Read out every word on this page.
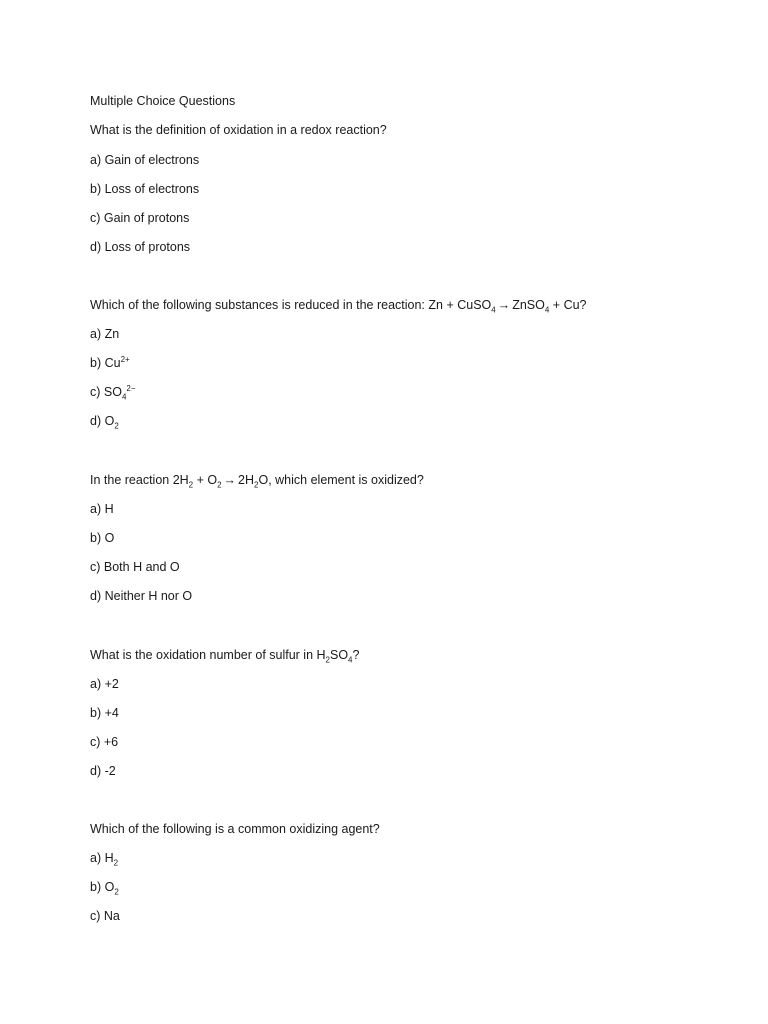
Multiple Choice Questions
What is the definition of oxidation in a redox reaction?
a) Gain of electrons
b) Loss of electrons
c) Gain of protons
d) Loss of protons
Which of the following substances is reduced in the reaction: Zn + CuSO$_4$ → ZnSO$_4$ + Cu?
a) Zn
b) $Cu^{2+}$
c) $SO_4^{2-}$
d) $O_2$
In the reaction $2H_2 + O_2 \to 2H_2O$, which element is oxidized?
a) H
b) O
c) Both H and O
d) Neither H nor O
What is the oxidation number of sulfur in $H_2SO_4$?
a) +2
b) +4
c) +6
d) -2
Which of the following is a common oxidizing agent?
a) $H_2$
b) $O_2$
c) Na
